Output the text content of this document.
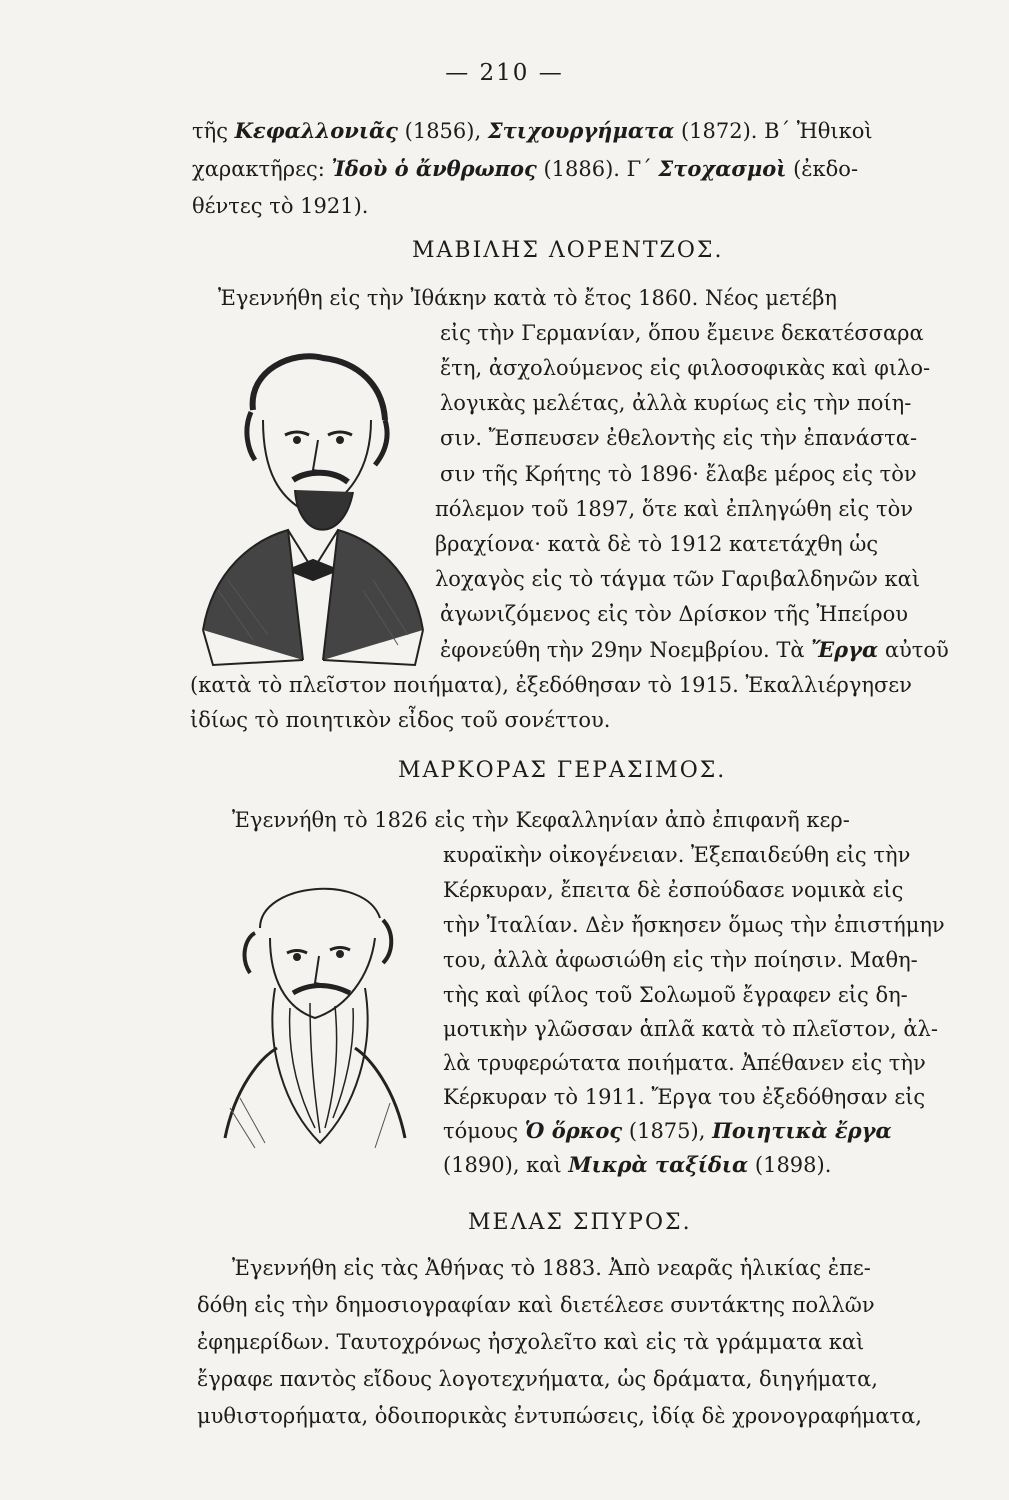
— 210 —
τῆς Κεφαλλονιᾶς (1856), Στιχουργήματα (1872). Β΄ Ἠθικοὶ
χαρακτῆρες: Ἰδοὺ ὁ ἄνθρωπος (1886). Γ΄ Στοχασμοὶ (ἐκδο-
θέντες τὸ 1921).
ΜΑΒΙΛΗΣ ΛΟΡΕΝΤΖΟΣ.
Ἐγεννήθη εἰς τὴν Ἰθάκην κατὰ τὸ ἔτος 1860. Νέος μετέβη
εἰς τὴν Γερμανίαν, ὅπου ἔμεινε δεκατέσσαρα
ἔτη, ἀσχολούμενος εἰς φιλοσοφικὰς καὶ φιλο-
λογικὰς μελέτας, ἀλλὰ κυρίως εἰς τὴν ποίη-
σιν. Ἔσπευσεν ἐθελοντὴς εἰς τὴν ἐπανάστα-
σιν τῆς Κρήτης τὸ 1896· ἔλαβε μέρος εἰς τὸν
πόλεμον τοῦ 1897, ὅτε καὶ ἐπληγώθη εἰς τὸν
βραχίονα· κατὰ δὲ τὸ 1912 κατετάχθη ὡς
λοχαγὸς εἰς τὸ τάγμα τῶν Γαριβαλδηνῶν καὶ
ἀγωνιζόμενος εἰς τὸν Δρίσκον τῆς Ἠπείρου
ἐφονεύθη τὴν 29ην Νοεμβρίου. Τὰ Ἔργα αὐτοῦ
(κατὰ τὸ πλεῖστον ποιήματα), ἐξεδόθησαν τὸ 1915. Ἐκαλλιέργησεν
ἰδίως τὸ ποιητικὸν εἶδος τοῦ σονέττου.
ΜΑΡΚΟΡΑΣ ΓΕΡΑΣΙΜΟΣ.
Ἐγεννήθη τὸ 1826 εἰς τὴν Κεφαλληνίαν ἀπὸ ἐπιφανῆ κερ-
κυραϊκὴν οἰκογένειαν. Ἐξεπαιδεύθη εἰς τὴν
Κέρκυραν, ἔπειτα δὲ ἐσπούδασε νομικὰ εἰς
τὴν Ἰταλίαν. Δὲν ἤσκησεν ὅμως τὴν ἐπιστήμην
του, ἀλλὰ ἀφωσιώθη εἰς τὴν ποίησιν. Μαθη-
τὴς καὶ φίλος τοῦ Σολωμοῦ ἔγραφεν εἰς δη-
μοτικὴν γλῶσσαν ἁπλᾶ κατὰ τὸ πλεῖστον, ἀλ-
λὰ τρυφερώτατα ποιήματα. Ἀπέθανεν εἰς τὴν
Κέρκυραν τὸ 1911. Ἔργα του ἐξεδόθησαν εἰς
τόμους Ὁ ὅρκος (1875), Ποιητικὰ ἔργα
(1890), καὶ Μικρὰ ταξίδια (1898).
ΜΕΛΑΣ ΣΠΥΡΟΣ.
Ἐγεννήθη εἰς τὰς Ἀθήνας τὸ 1883. Ἀπὸ νεαρᾶς ἡλικίας ἐπε-
δόθη εἰς τὴν δημοσιογραφίαν καὶ διετέλεσε συντάκτης πολλῶν
ἐφημερίδων. Ταυτοχρόνως ἠσχολεῖτο καὶ εἰς τὰ γράμματα καὶ
ἔγραφε παντὸς εἴδους λογοτεχνήματα, ὡς δράματα, διηγήματα,
μυθιστορήματα, ὁδοιπορικὰς ἐντυπώσεις, ἰδίᾳ δὲ χρονογραφήματα,
